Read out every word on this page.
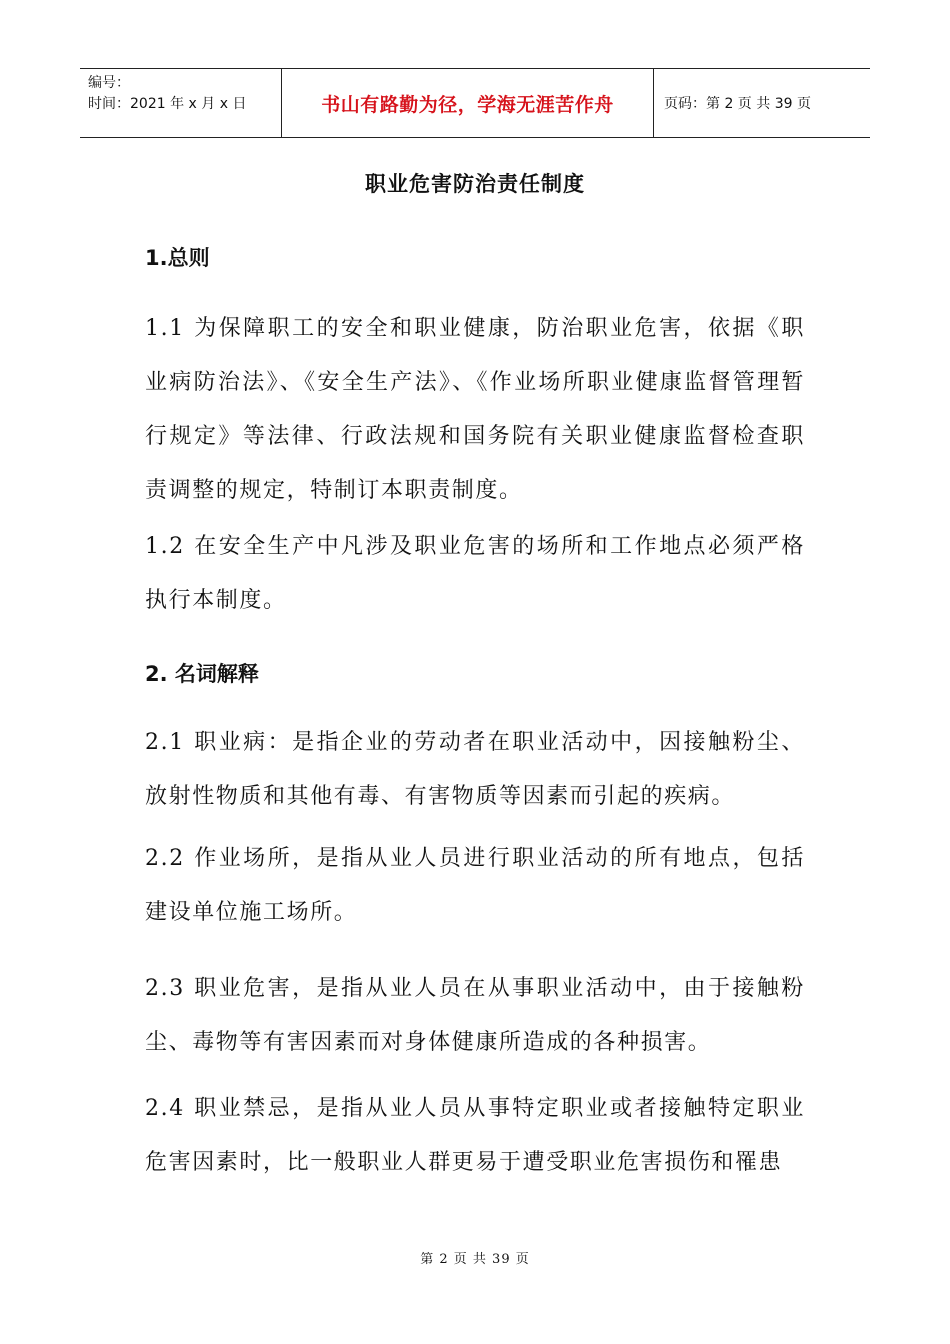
编号：
时间：2021 年 x 月 x 日	书山有路勤为径，学海无涯苦作舟	页码：第 2 页 共 39 页
职业危害防治责任制度
1.总则
1.1 为保障职工的安全和职业健康，防治职业危害，依据《职业病防治法》、《安全生产法》、《作业场所职业健康监督管理暂行规定》等法律、行政法规和国务院有关职业健康监督检查职责调整的规定，特制订本职责制度。
1.2 在安全生产中凡涉及职业危害的场所和工作地点必须严格执行本制度。
2. 名词解释
2.1 职业病：是指企业的劳动者在职业活动中，因接触粉尘、放射性物质和其他有毒、有害物质等因素而引起的疾病。
2.2 作业场所，是指从业人员进行职业活动的所有地点，包括建设单位施工场所。
2.3 职业危害，是指从业人员在从事职业活动中，由于接触粉尘、毒物等有害因素而对身体健康所造成的各种损害。
2.4 职业禁忌，是指从业人员从事特定职业或者接触特定职业危害因素时，比一般职业人群更易于遭受职业危害损伤和罹患
第 2 页 共 39 页
